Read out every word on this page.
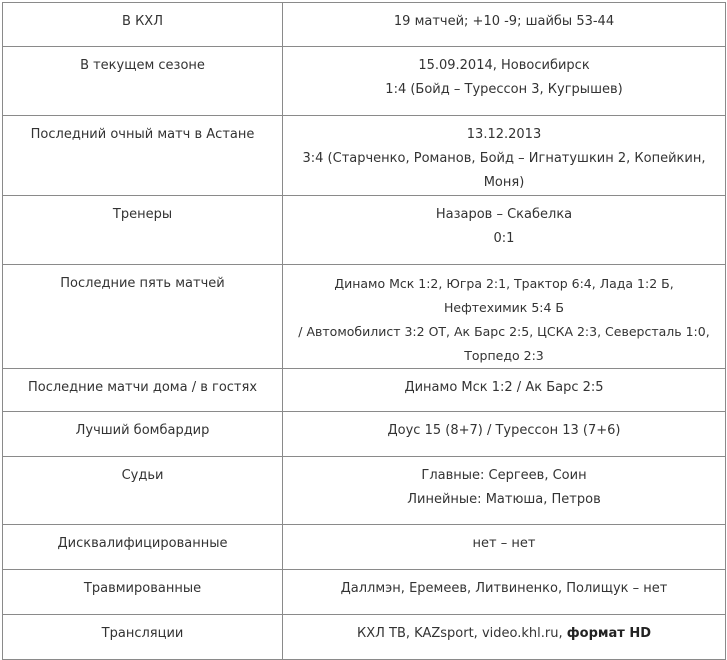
В КХЛ	19 матчей; +10 -9; шайбы 53-44

В текущем сезоне	15.09.2014, Новосибирск
1:4 (Бойд – Турессон 3, Кугрышев)

Последний очный матч в Астане	13.12.2013
3:4 (Старченко, Романов, Бойд – Игнатушкин 2, Копейкин, Моня)

Тренеры	Назаров – Скабелка
0:1

Последние пять матчей	Динамо Мск 1:2, Югра 2:1, Трактор 6:4, Лада 1:2 Б, Нефтехимик 5:4 Б
/ Автомобилист 3:2 ОТ, Ак Барс 2:5, ЦСКА 2:3, Северсталь 1:0,
Торпедо 2:3

Последние матчи дома / в гостях	Динамо Мск 1:2 / Ак Барс 2:5

Лучший бомбардир	Доус 15 (8+7) / Турессон 13 (7+6)

Судьи	Главные: Сергеев, Соин
Линейные: Матюша, Петров

Дисквалифицированные	нет – нет

Травмированные	Даллмэн, Еремеев, Литвиненко, Полищук – нет

Трансляции	КХЛ ТВ, KAZsport, video.khl.ru, формат HD
